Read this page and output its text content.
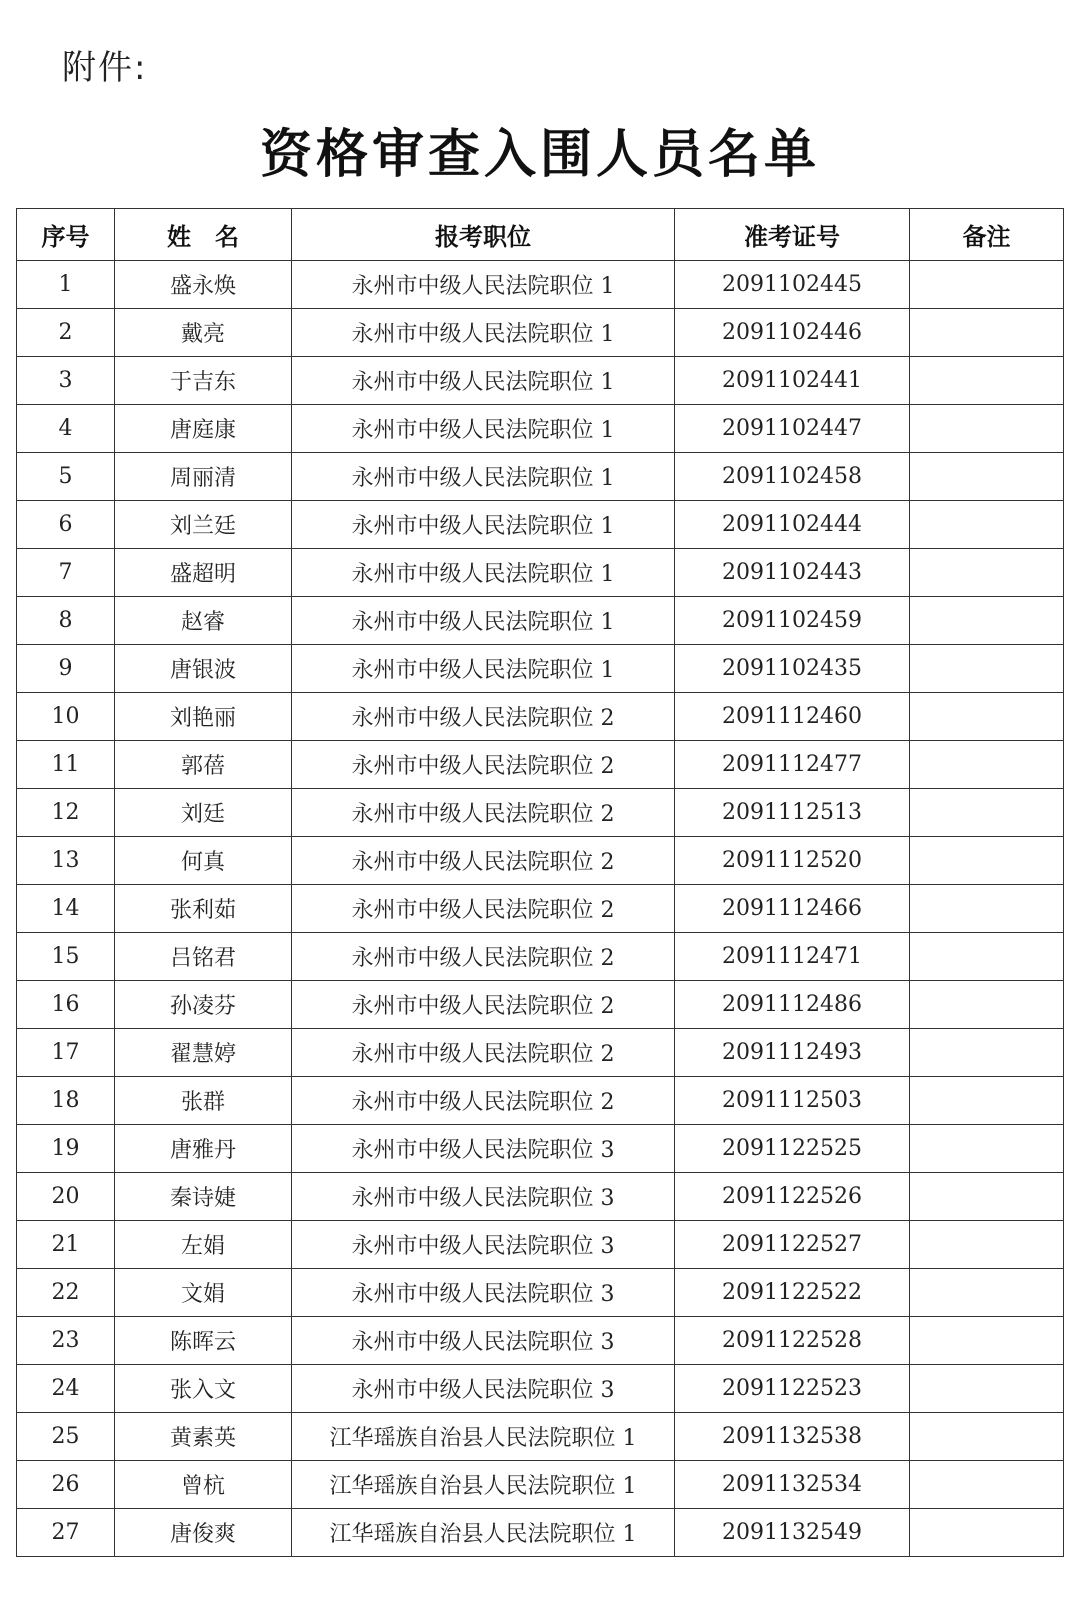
附件:
资格审查入围人员名单
序号	姓　名	报考职位	准考证号	备注
1	盛永焕	永州市中级人民法院职位 1	2091102445	
2	戴亮	永州市中级人民法院职位 1	2091102446	
3	于吉东	永州市中级人民法院职位 1	2091102441	
4	唐庭康	永州市中级人民法院职位 1	2091102447	
5	周丽清	永州市中级人民法院职位 1	2091102458	
6	刘兰廷	永州市中级人民法院职位 1	2091102444	
7	盛超明	永州市中级人民法院职位 1	2091102443	
8	赵睿	永州市中级人民法院职位 1	2091102459	
9	唐银波	永州市中级人民法院职位 1	2091102435	
10	刘艳丽	永州市中级人民法院职位 2	2091112460	
11	郭蓓	永州市中级人民法院职位 2	2091112477	
12	刘廷	永州市中级人民法院职位 2	2091112513	
13	何真	永州市中级人民法院职位 2	2091112520	
14	张利茹	永州市中级人民法院职位 2	2091112466	
15	吕铭君	永州市中级人民法院职位 2	2091112471	
16	孙凌芬	永州市中级人民法院职位 2	2091112486	
17	翟慧婷	永州市中级人民法院职位 2	2091112493	
18	张群	永州市中级人民法院职位 2	2091112503	
19	唐雅丹	永州市中级人民法院职位 3	2091122525	
20	秦诗婕	永州市中级人民法院职位 3	2091122526	
21	左娟	永州市中级人民法院职位 3	2091122527	
22	文娟	永州市中级人民法院职位 3	2091122522	
23	陈晖云	永州市中级人民法院职位 3	2091122528	
24	张入文	永州市中级人民法院职位 3	2091122523	
25	黄素英	江华瑶族自治县人民法院职位 1	2091132538	
26	曾杭	江华瑶族自治县人民法院职位 1	2091132534	
27	唐俊爽	江华瑶族自治县人民法院职位 1	2091132549	
